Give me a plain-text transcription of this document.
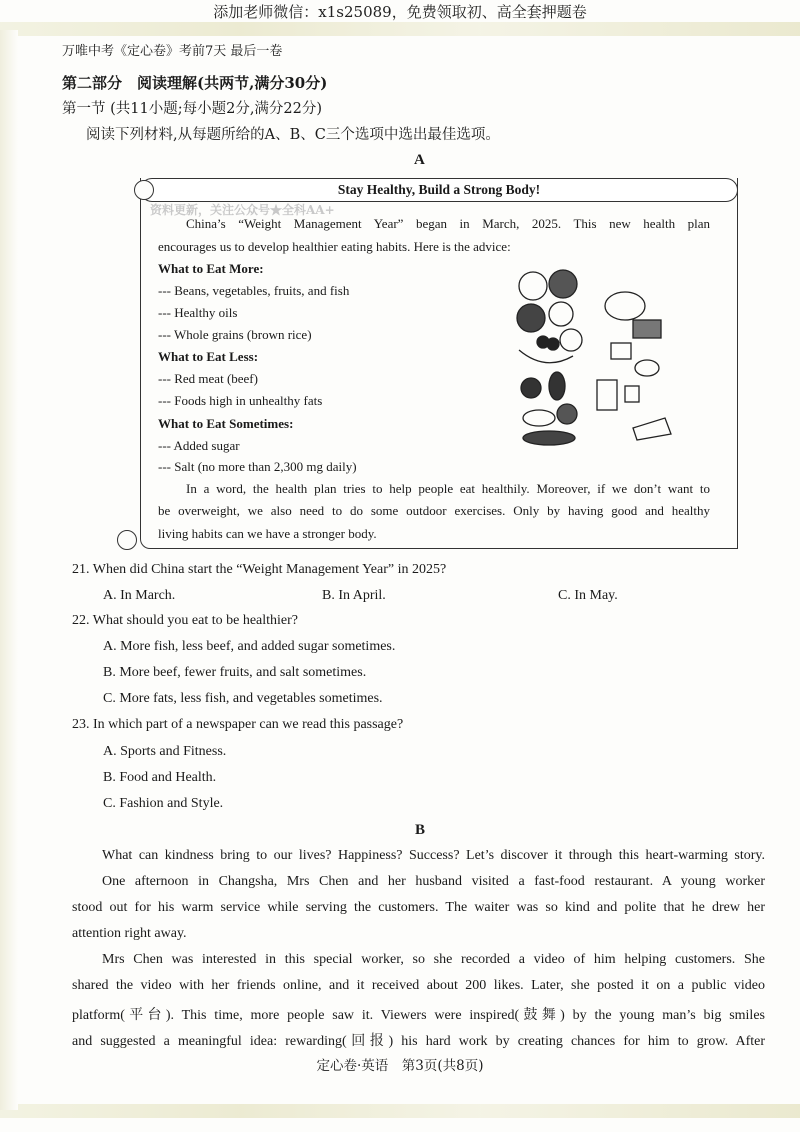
添加老师微信：x1s25089，免费领取初、高全套押题卷
万唯中考《定心卷》考前7天 最后一卷
第二部分　阅读理解(共两节,满分30分)
第一节 (共11小题;每小题2分,满分22分)
阅读下列材料,从每题所给的A、B、C三个选项中选出最佳选项。
A
Stay Healthy, Build a Strong Body!
资料更新，关注公众号★全科AA+
China’s “Weight Management Year” began in March, 2025. This new health plan
encourages us to develop healthier eating habits. Here is the advice:
What to Eat More:
--- Beans, vegetables, fruits, and fish
--- Healthy oils
--- Whole grains (brown rice)
What to Eat Less:
--- Red meat (beef)
--- Foods high in unhealthy fats
What to Eat Sometimes:
--- Added sugar
--- Salt (no more than 2,300 mg daily)
In a word, the health plan tries to help people eat healthily. Moreover, if we don’t want to
be overweight, we also need to do some outdoor exercises. Only by having good and healthy
living habits can we have a stronger body.
21. When did China start the “Weight Management Year” in 2025?
A. In March.	B. In April.	C. In May.
22. What should you eat to be healthier?
A. More fish, less beef, and added sugar sometimes.
B. More beef, fewer fruits, and salt sometimes.
C. More fats, less fish, and vegetables sometimes.
23. In which part of a newspaper can we read this passage?
A. Sports and Fitness.
B. Food and Health.
C. Fashion and Style.
B
What can kindness bring to our lives? Happiness? Success? Let’s discover it through this heart-warming story.
One afternoon in Changsha, Mrs Chen and her husband visited a fast-food restaurant. A young worker
stood out for his warm service while serving the customers. The waiter was so kind and polite that he drew her
attention right away.
Mrs Chen was interested in this special worker, so she recorded a video of him helping customers. She
shared the video with her friends online, and it received about 200 likes. Later, she posted it on a public video
platform(平台). This time, more people saw it. Viewers were inspired(鼓舞) by the young man’s big smiles
and suggested a meaningful idea: rewarding(回报) his hard work by creating chances for him to grow. After
定心卷·英语　第3页(共8页)
